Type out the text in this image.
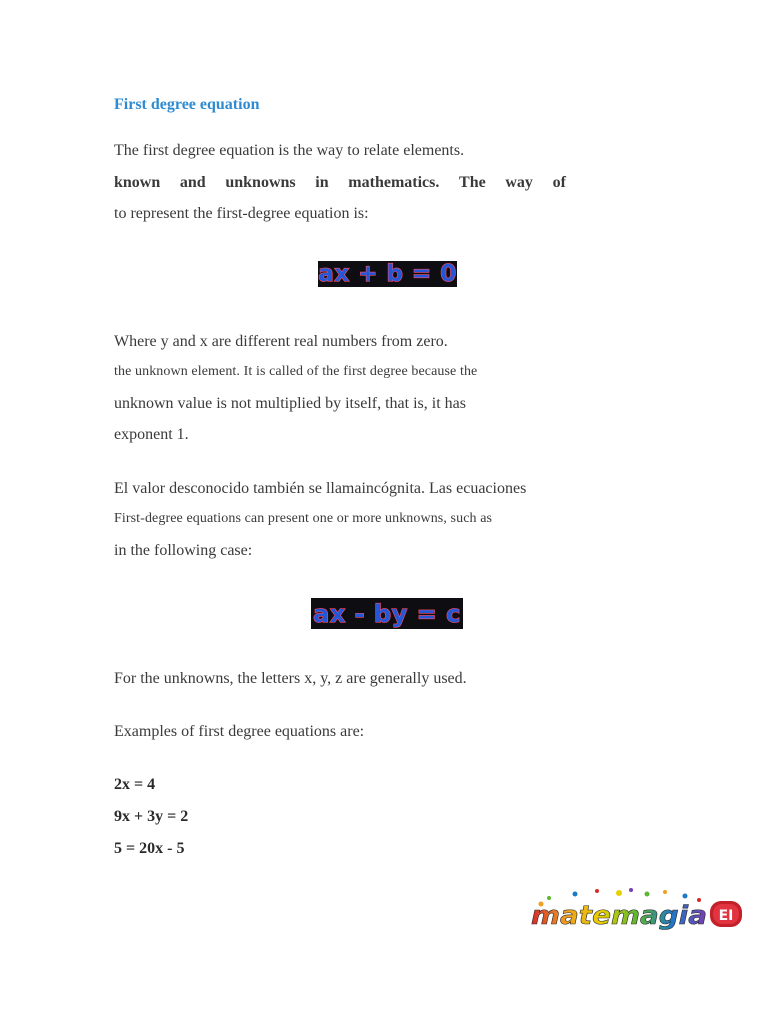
First degree equation
The first degree equation is the way to relate elements.
known and unknowns in mathematics. The way of
to represent the first-degree equation is:
ax + b = 0
Where y and x are different real numbers from zero.
the unknown element. It is called of the first degree because the
unknown value is not multiplied by itself, that is, it has
exponent 1.
El valor desconocido también se llamaincógnita. Las ecuaciones
First-degree equations can present one or more unknowns, such as
in the following case:
ax - by = c
For the unknowns, the letters x, y, z are generally used.
Examples of first degree equations are:
2x = 4
9x + 3y = 2
5 = 20x - 5
matemagia EI
